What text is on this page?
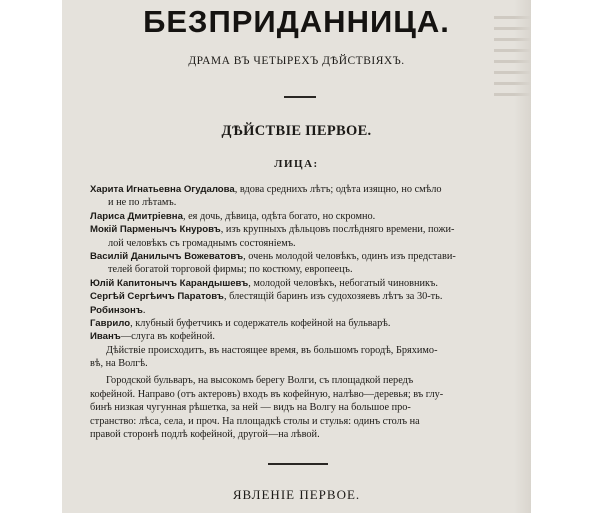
БЕЗПРИДАННИЦА.
ДРАМА ВЪ ЧЕТЫРЕХЪ ДѢЙСТВІЯХЪ.
ДѢЙСТВІЕ ПЕРВОЕ.
ЛИЦА:
Харита Игнатьевна Огудалова, вдова среднихъ лѣтъ; одѣта изящно, но смѣло
и не по лѣтамъ.
Лариса Дмитріевна, ея дочь, дѣвица, одѣта богато, но скромно.
Мокій Парменычъ Кнуровъ, изъ крупныхъ дѣльцовъ послѣдняго времени, пожи-
лой человѣкъ съ громаднымъ состояніемъ.
Василій Данилычъ Вожеватовъ, очень молодой человѣкъ, одинъ изъ представи-
телей богатой торговой фирмы; по костюму, европеецъ.
Юлій Капитонычъ Карандышевъ, молодой человѣкъ, небогатый чиновникъ.
Сергѣй Сергѣичъ Паратовъ, блестящій баринъ изъ судохозяевъ лѣтъ за 30-ть.
Робинзонъ.
Гаврило, клубный буфетчикъ и содержатель кофейной на бульварѣ.
Иванъ—слуга въ кофейной.
Дѣйствіе происходитъ, въ настоящее время, въ большомъ городѣ, Бряхимо-
вѣ, на Волгѣ.
Городской бульваръ, на высокомъ берегу Волги, съ площадкой передъ
кофейной. Направо (отъ актеровъ) входъ въ кофейную, налѣво—деревья; въ глу-
бинѣ низкая чугунная рѣшетка, за ней — видъ на Волгу на большое про-
странство: лѣса, села, и проч. На площадкѣ столы и стулья: одинъ столъ на
правой сторонѣ подлѣ кофейной, другой—на лѣвой.
ЯВЛЕНІЕ ПЕРВОЕ.
